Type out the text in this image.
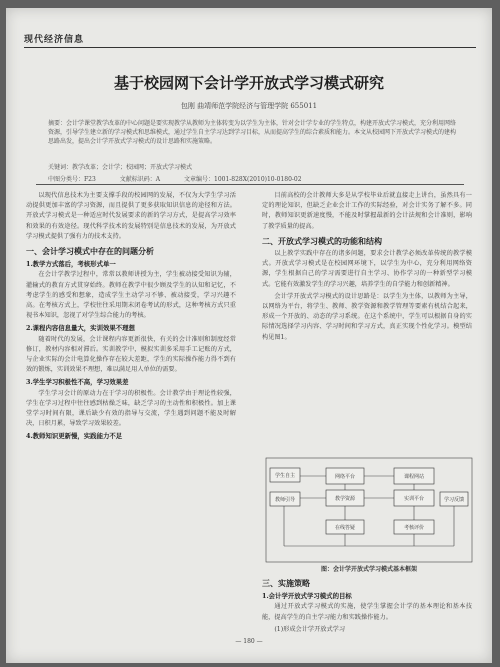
现代经济信息
基于校园网下会计学开放式学习模式研究
包刚 曲靖师范学院经济与管理学院 655011
摘要：会计学课堂教学改革的中心问题是要实现教学从教师为主体转变为以学生为主体，针对会计学专业的学生特点，构建开放式学习模式，充分利用网络资源，引导学生建立新的学习模式和思维模式，通过学生自主学习达到学习目标，从而提高学生的综合素质和能力。本文从校园网下开放式学习模式的建构思路出发，提出会计学开放式学习模式的设计思路和实施策略。
关键词：教学改革；会计学；校园网；开放式学习模式
中图分类号：F23	文献标识码：A	文章编号：1001-828X(2010)10-0180-02

以现代信息技术为主要支撑手段的校园网的发展，不仅为大学生学习活动提供更加丰富的学习资源，而且提供了更多获取知识信息的途径和方法。开放式学习模式是一种适应时代发展要求的新的学习方式，是提高学习效率和效果的有效途径。现代科学技术的发展特别是信息技术的发展，为开放式学习模式提供了强有力的技术支持。

一、会计学习模式中存在的问题分析
1.教学方式落后，考核形式单一

在会计学教学过程中，常常以教师讲授为主，学生被动接受知识为辅，灌输式的教育方式贯穿始终。教师在教学中很少顾及学生的认知和记忆，不考虑学生的感受和想象，造成学生主动学习不够、被动接受，学习兴趣不高。在考核方式上，学校往往采用期末闭卷考试的形式，这种考核方式只重视书本知识，忽视了对学生综合能力的考核。

2.课程内容信息量大，实训效果不理想

随着时代的发展，会计课程内容更新很快，有关的会计准则和制度经常修订，教材内容相对滞后。实训教学中，模拟实训多采用手工记账的方式，与企业实际的会计电算化操作存在较大差距，学生的实际操作能力得不到有效的锻炼，实训效果不理想，难以满足用人单位的需要。

3.学生学习积极性不高，学习效果差

学生学习会计的原动力在于学习的积极性。会计教学由于理论性较强，学生在学习过程中往往感到枯燥乏味，缺乏学习的主动性和积极性。加上课堂学习时间有限，课后缺少有效的指导与交流，学生遇到问题不能及时解决，日积月累，导致学习效果较差。

4.教师知识更新慢，实践能力不足

目前高校的会计教师大多是从学校毕业后就直接走上讲台，虽然具有一定的理论知识，但缺乏企业会计工作的实际经验，对会计实务了解不多。同时，教师知识更新速度慢，不能及时掌握最新的会计法规和会计准则，影响了教学质量的提高。

二、开放式学习模式的功能和结构

以上教学实践中存在的诸多问题，要求会计教学必须改革传统的教学模式。开放式学习模式是在校园网环境下，以学生为中心，充分利用网络资源，学生根据自己的学习需要进行自主学习、协作学习的一种新型学习模式。它能有效激发学生的学习兴趣，培养学生的自学能力和创新精神。

会计学开放式学习模式的设计思路是：以学生为主体，以教师为主导，以网络为平台，将学生、教师、教学资源和教学管理等要素有机结合起来，形成一个开放的、动态的学习系统。在这个系统中，学生可以根据自身的实际情况选择学习内容、学习时间和学习方式，真正实现个性化学习。模型结构见图1。

学生自主
教师引导
网络平台
教学资源
课程网站
实训平台
在线答疑	考核评价
学习反馈
图：会计学开放式学习模式基本框架
三、实施策略
1.会计学开放式学习模式的目标

通过开放式学习模式的实施，使学生掌握会计学的基本理论和基本技能，提高学生的自主学习能力和实践操作能力。

(1)形成会计学开放式学习

— 180 —
